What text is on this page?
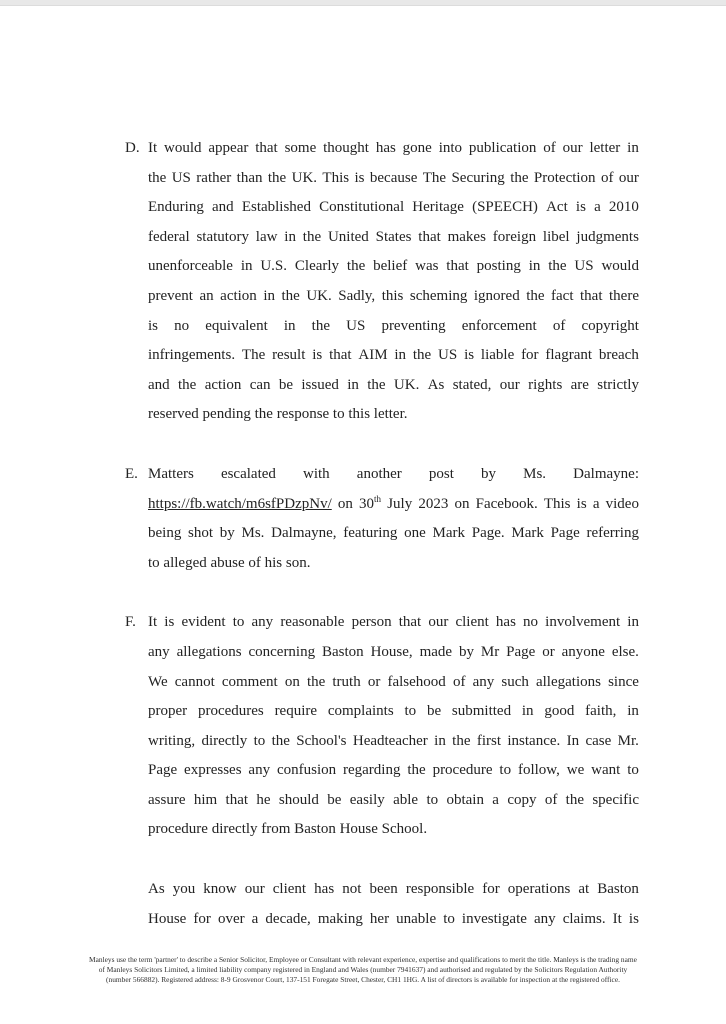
D. It would appear that some thought has gone into publication of our letter in
the US rather than the UK. This is because The Securing the Protection of our
Enduring and Established Constitutional Heritage (SPEECH) Act is a 2010
federal statutory law in the United States that makes foreign libel judgments
unenforceable in U.S. Clearly the belief was that posting in the US would
prevent an action in the UK. Sadly, this scheming ignored the fact that there
is no equivalent in the US preventing enforcement of copyright
infringements. The result is that AIM in the US is liable for flagrant breach
and the action can be issued in the UK. As stated, our rights are strictly
reserved pending the response to this letter.
E. Matters escalated with another post by Ms. Dalmayne:
https://fb.watch/m6sfPDzpNv/ on 30th July 2023 on Facebook. This is a video
being shot by Ms. Dalmayne, featuring one Mark Page. Mark Page referring
to alleged abuse of his son.
F. It is evident to any reasonable person that our client has no involvement in
any allegations concerning Baston House, made by Mr Page or anyone else.
We cannot comment on the truth or falsehood of any such allegations since
proper procedures require complaints to be submitted in good faith, in
writing, directly to the School's Headteacher in the first instance. In case Mr.
Page expresses any confusion regarding the procedure to follow, we want to
assure him that he should be easily able to obtain a copy of the specific
procedure directly from Baston House School.
As you know our client has not been responsible for operations at Baston
House for over a decade, making her unable to investigate any claims. It is
Manleys use the term 'partner' to describe a Senior Solicitor, Employee or Consultant with relevant experience, expertise and qualifications to merit the title. Manleys is the trading name
of Manleys Solicitors Limited, a limited liability company registered in England and Wales (number 7941637) and authorised and regulated by the Solicitors Regulation Authority
(number 566882). Registered address: 8-9 Grosvenor Court, 137-151 Foregate Street, Chester, CH1 1HG. A list of directors is available for inspection at the registered office.
